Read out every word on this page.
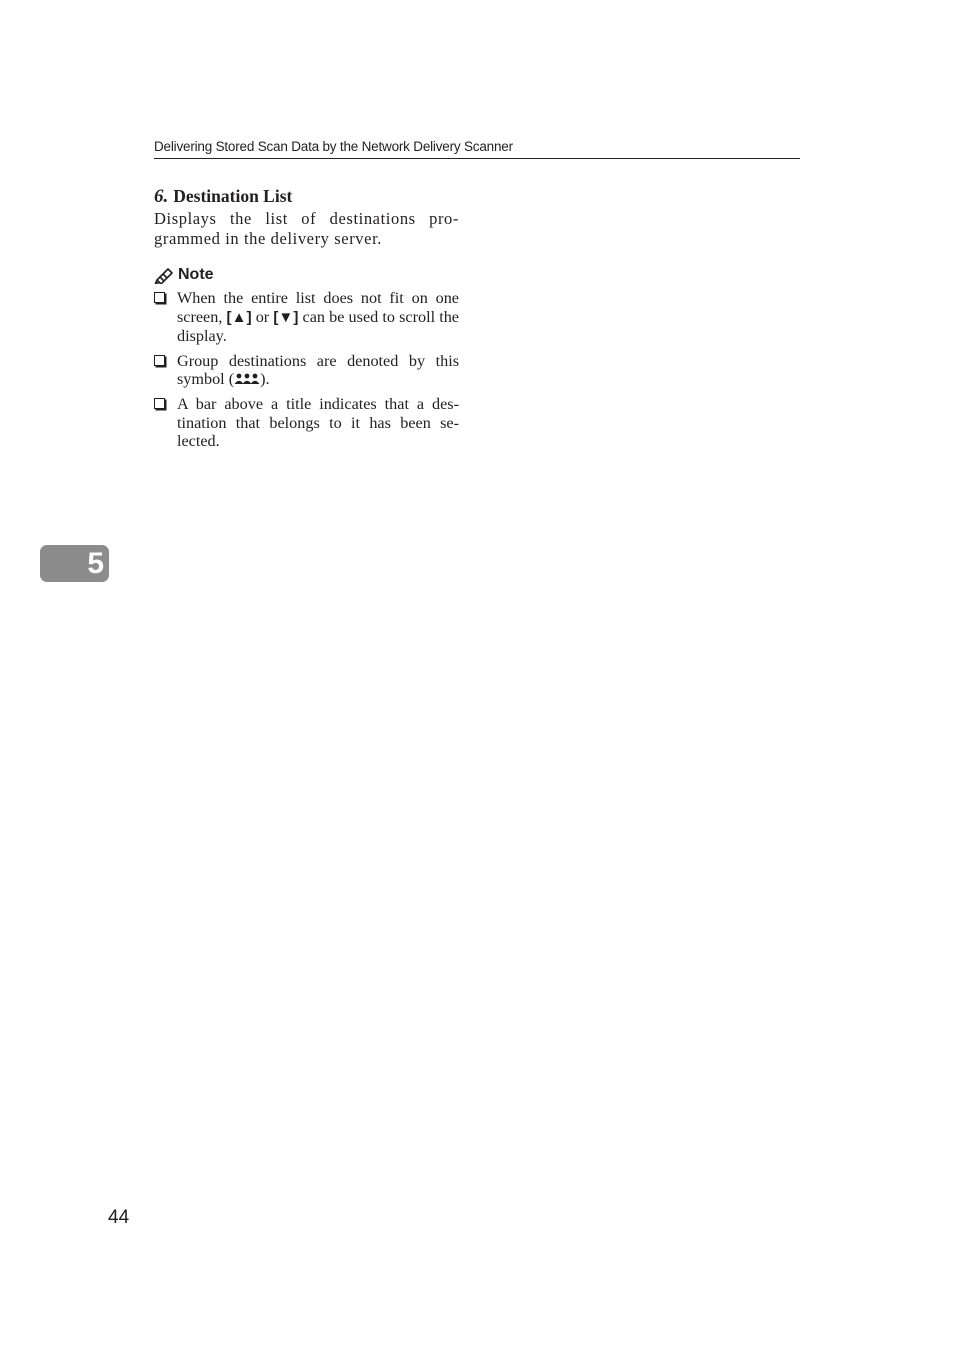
Delivering Stored Scan Data by the Network Delivery Scanner
6. Destination List

Displays the list of destinations pro-grammed in the delivery server.

Note
When the entire list does not fit on one screen, [▲] or [▼] can be used to scroll the display.
Group destinations are denoted by this symbol ( ).
A bar above a title indicates that a des-tination that belongs to it has been se-lected.
5
44
